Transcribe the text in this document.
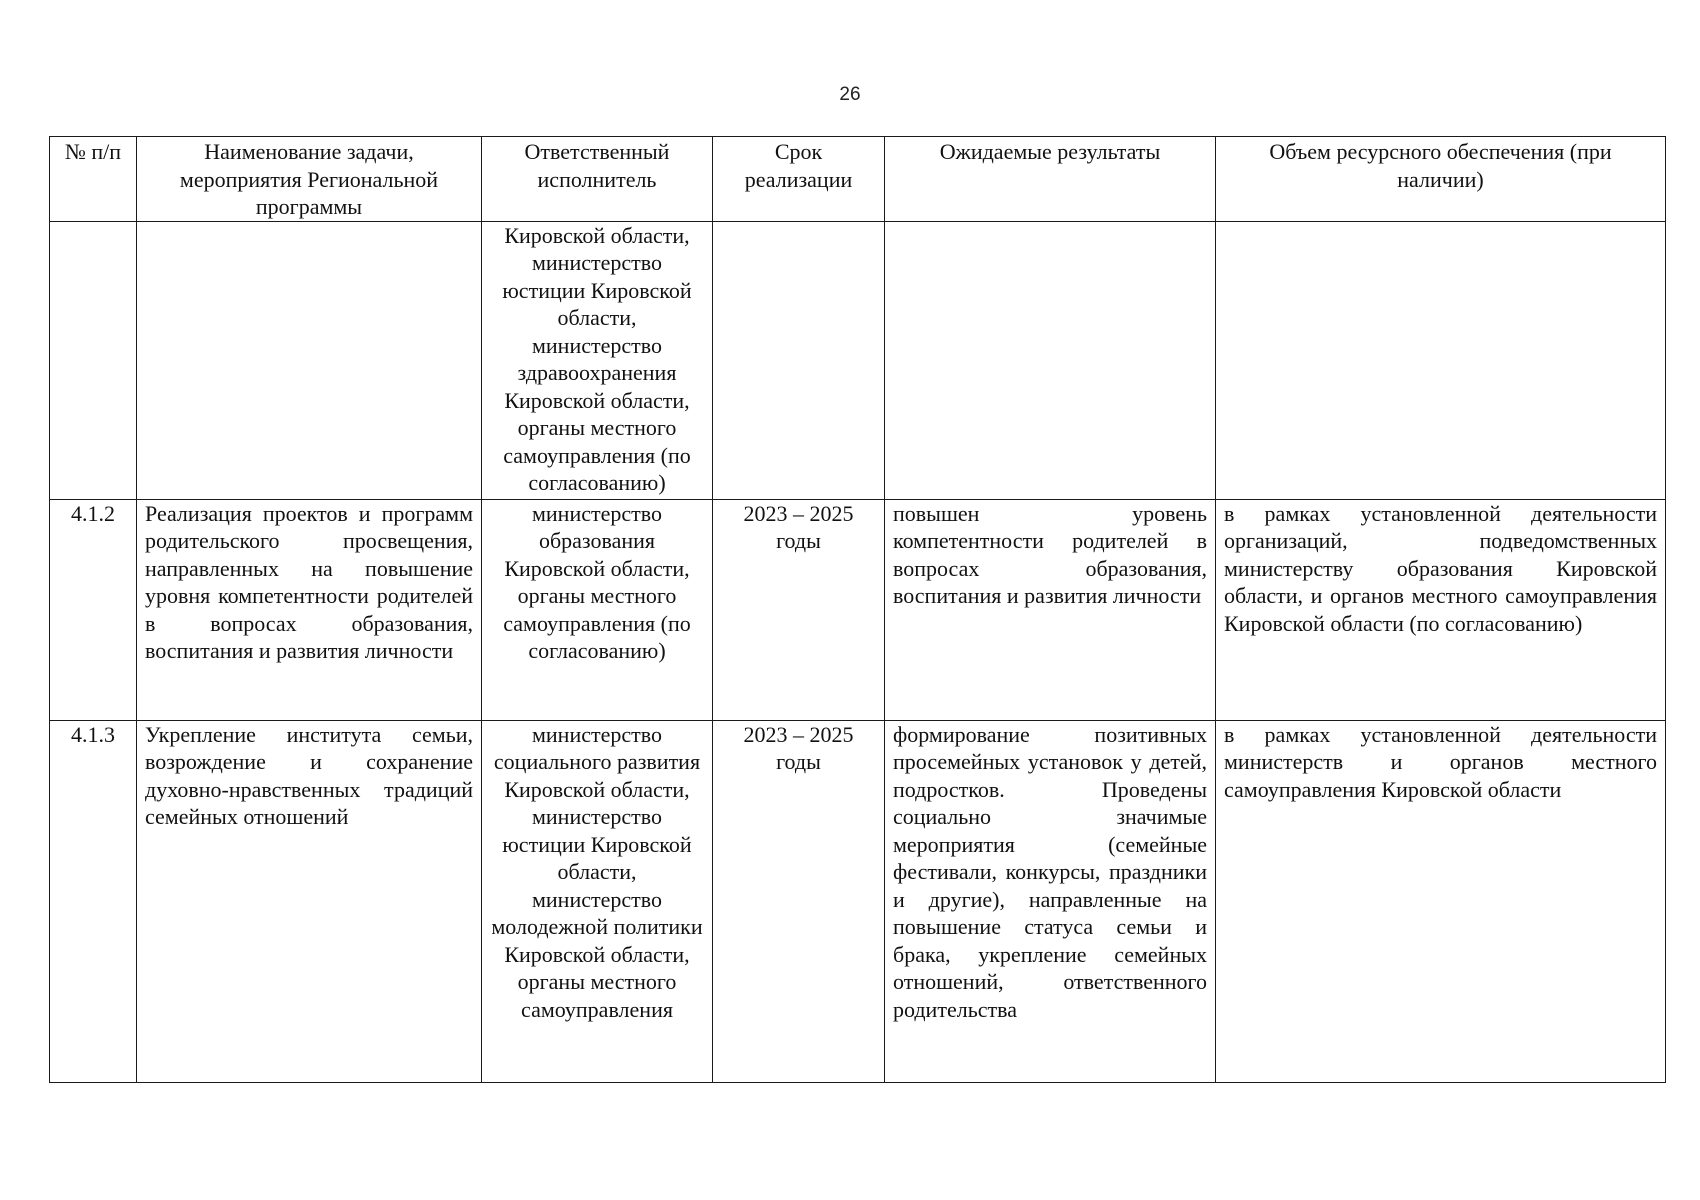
26
№ п/п	Наименование задачи, мероприятия Региональной программы	Ответственный исполнитель	Срок реализации	Ожидаемые результаты	Объем ресурсного обеспечения (при наличии)
		Кировской области, министерство юстиции Кировской области, министерство здравоохранения Кировской области, органы местного самоуправления (по согласованию)			
4.1.2	Реализация проектов и программ родительского просвещения, направленных на повышение уровня компетентности родителей в вопросах образования, воспитания и развития личности	министерство образования Кировской области, органы местного самоуправления (по согласованию)	2023 – 2025 годы	повышен уровень компетентности родителей в вопросах образования, воспитания и развития личности	в рамках установленной деятельности организаций, подведомственных министерству образования Кировской области, и органов местного самоуправления Кировской области (по согласованию)
4.1.3	Укрепление института семьи, возрождение и сохранение духовно-нравственных традиций семейных отношений	министерство социального развития Кировской области, министерство юстиции Кировской области, министерство молодежной политики Кировской области, органы местного самоуправления	2023 – 2025 годы	формирование позитивных просемейных установок у детей, подростков. Проведены социально значимые мероприятия (семейные фестивали, конкурсы, праздники и другие), направленные на повышение статуса семьи и брака, укрепление семейных отношений, ответственного родительства	в рамках установленной деятельности министерств и органов местного самоуправления Кировской области
